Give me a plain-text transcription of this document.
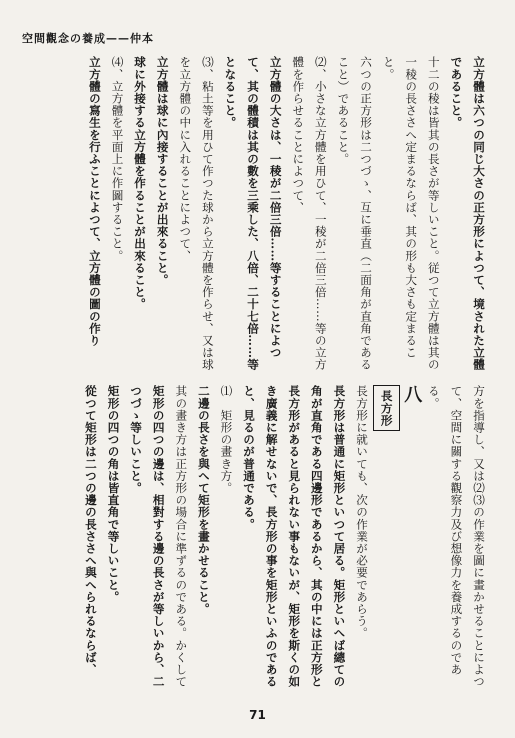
空間觀念の養成——仲本

立方體は六つの同じ大さの正方形によつて、境された立體であること。

十二の稜は皆其の長さが等しいこと。従つて立方體は其の一稜の長ささへ定まるならば、其の形も大さも定まること。

六つの正方形は二つづゝ、互に垂直（二面角が直角であること）であること。

⑵、小さな立方體を用ひて、一稜が二倍三倍……等の立方體を作らせることによつて、

立方體の大さは、一稜が二倍三倍……等することによつて、其の體積は其の數を三乘した、八倍、二十七倍……等となること。

⑶、粘土等を用ひて作つた球から立方體を作らせ、又は球を立方體の中に入れることによつて、

立方體は球に內接することが出來ること。

球に外接する立方體を作ることが出來ること。

⑷、立方體を平面上に作圖すること。

立方體の寫生を行ふことによつて、立方體の圖の作り

方を指導し、又は⑵⑶の作業を圖に畫かせることによつて、空間に關する觀察力及び想像力を養成するのである。

八

長方形

長方形に就いても、次の作業が必要であらう。

長方形は普通に矩形といつて居る。矩形といへば總ての角が直角である四邊形であるから、其の中には正方形と長方形があると見られない事もないが、矩形を斯くの如き廣義に解せないで、長方形の事を矩形といふのであると、見るのが普通である。

⑴　矩形の畫き方。

二邊の長さを與へて矩形を畫かせること。

其の畫き方は正方形の場合に準ずるのである。かくして

矩形の四つの邊は、相對する邊の長さが等しいから、二つづゝ等しいこと。

矩形の四つの角は皆直角で等しいこと。

從つて矩形は二つの邊の長ささへ與へられるならば、

71
